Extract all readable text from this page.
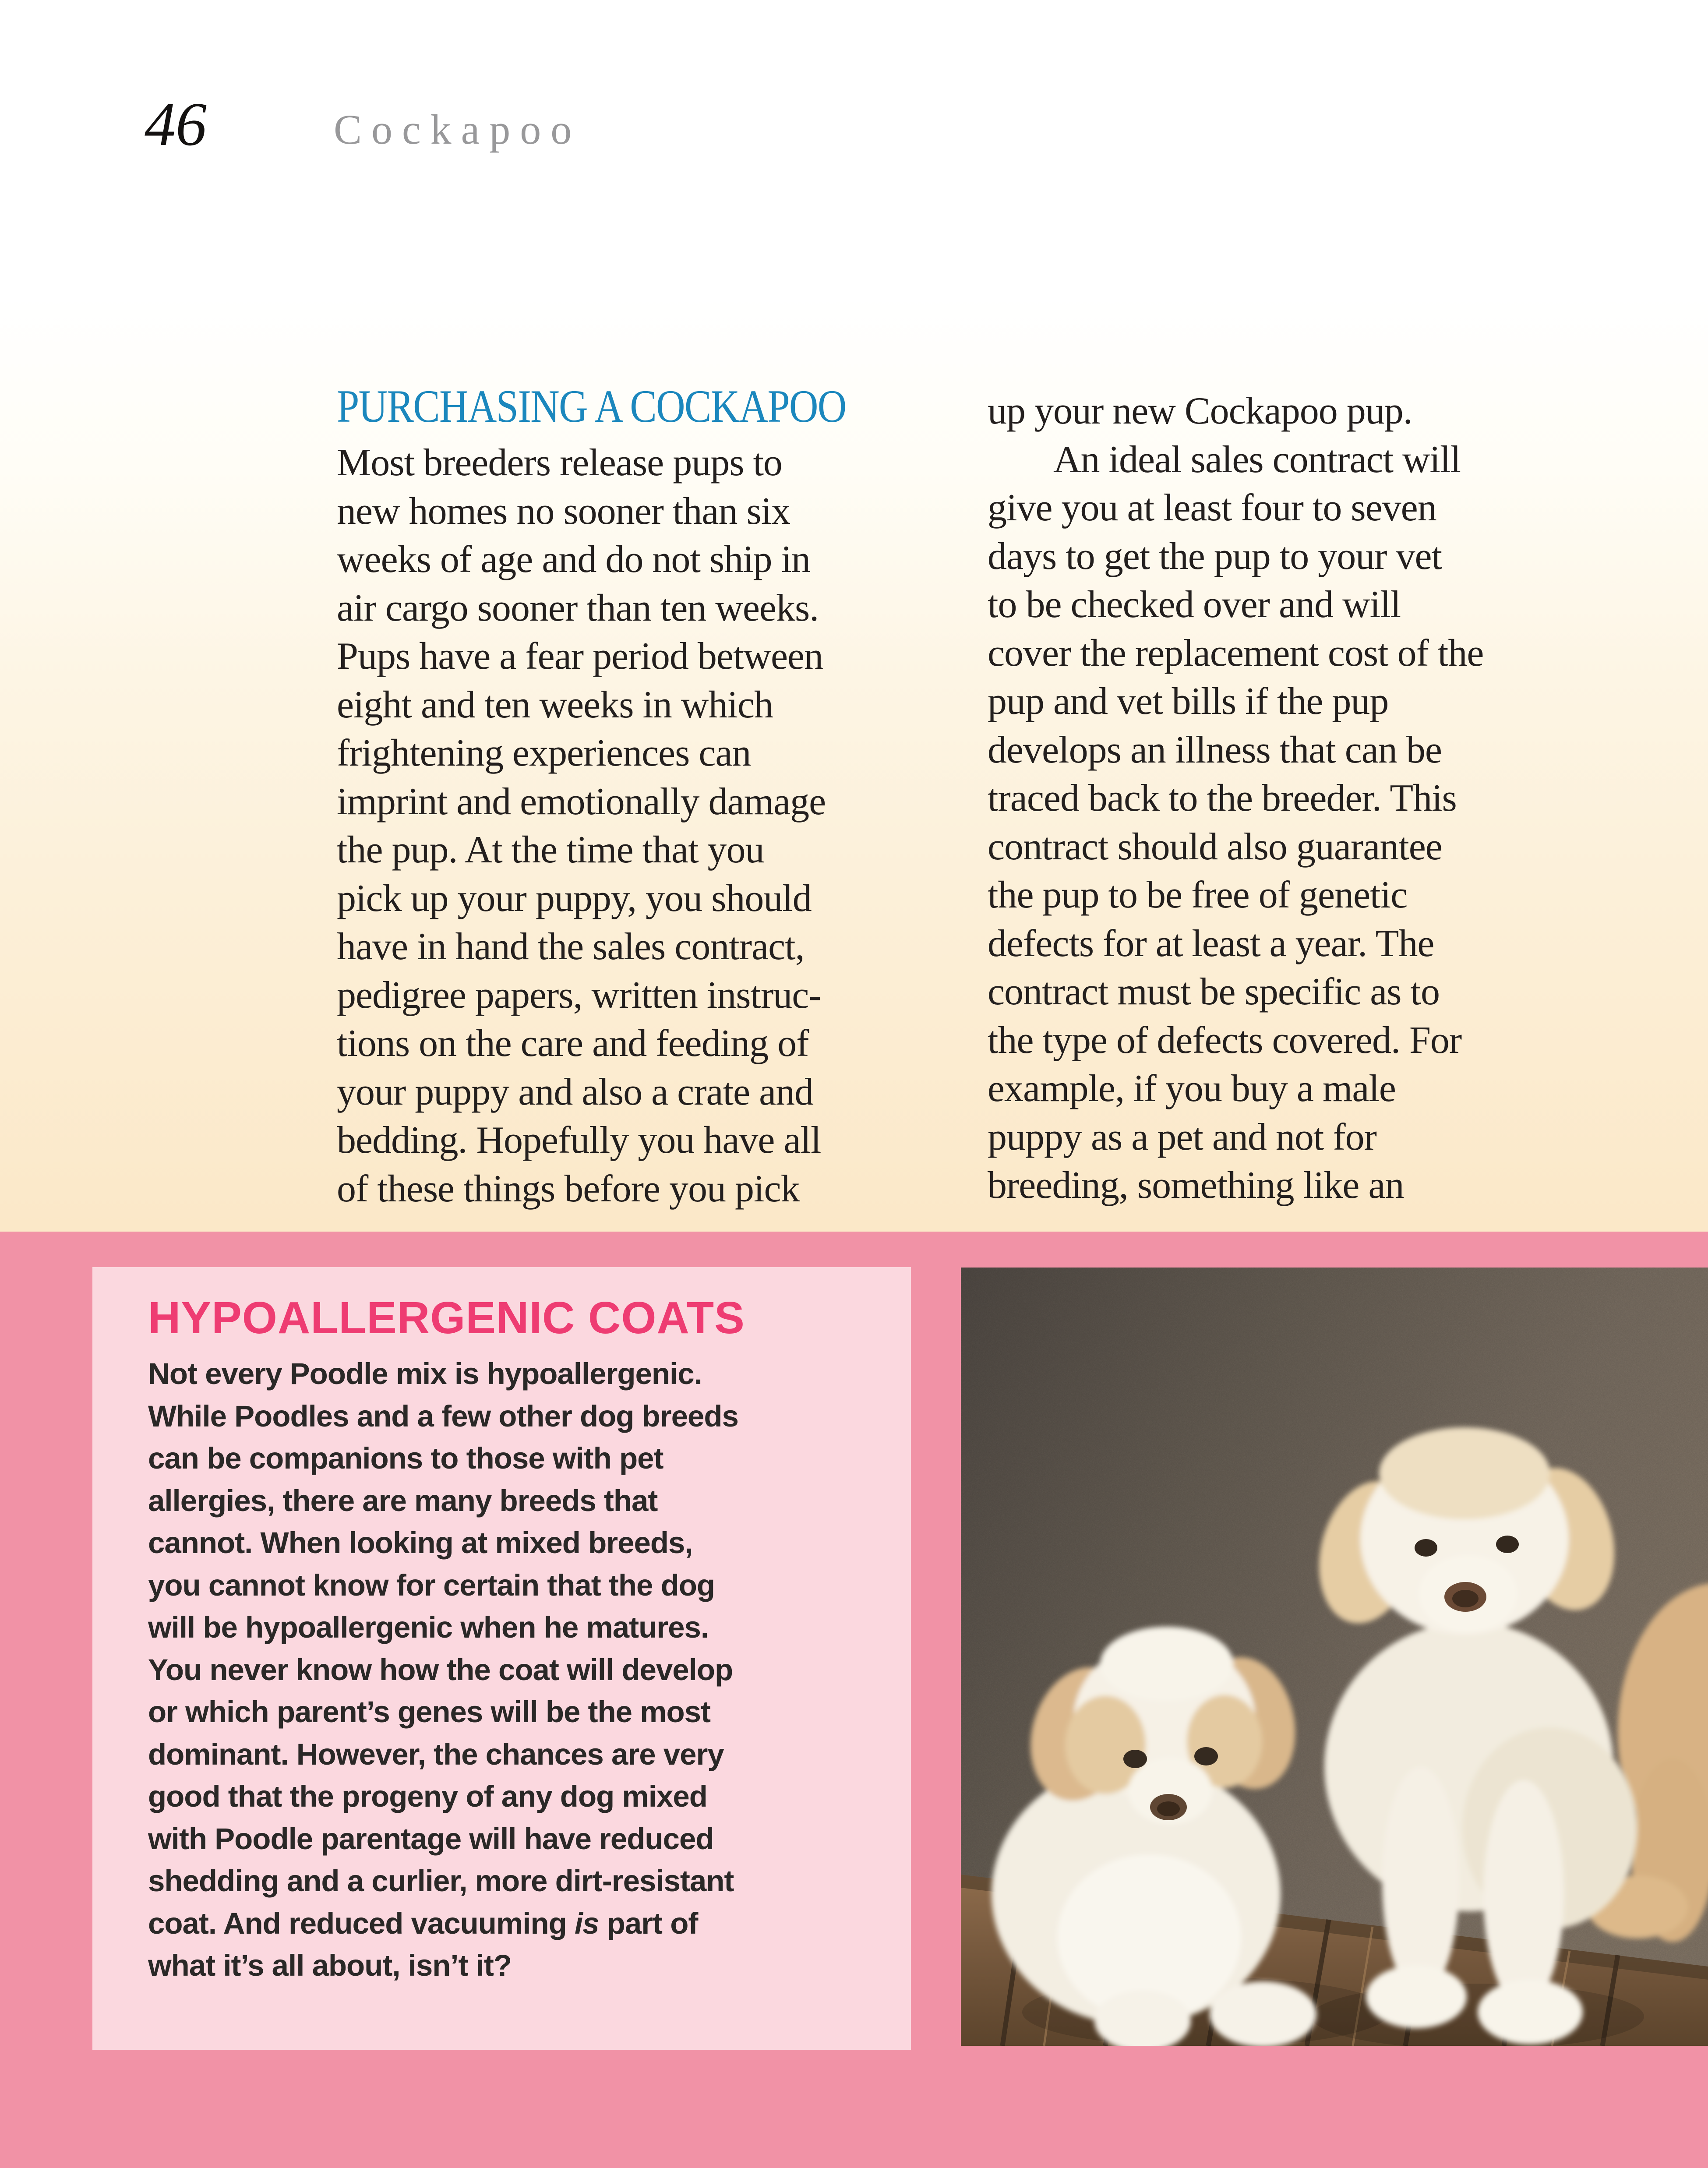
46	Cockapoo
PURCHASING A COCKAPOO
Most breeders release pups to
new homes no sooner than six
weeks of age and do not ship in
air cargo sooner than ten weeks.
Pups have a fear period between
eight and ten weeks in which
frightening experiences can
imprint and emotionally damage
the pup. At the time that you
pick up your puppy, you should
have in hand the sales contract,
pedigree papers, written instruc-
tions on the care and feeding of
your puppy and also a crate and
bedding. Hopefully you have all
of these things before you pick
up your new Cockapoo pup.
An ideal sales contract will
give you at least four to seven
days to get the pup to your vet
to be checked over and will
cover the replacement cost of the
pup and vet bills if the pup
develops an illness that can be
traced back to the breeder. This
contract should also guarantee
the pup to be free of genetic
defects for at least a year. The
contract must be specific as to
the type of defects covered. For
example, if you buy a male
puppy as a pet and not for
breeding, something like an
HYPOALLERGENIC COATS
Not every Poodle mix is hypoallergenic.
While Poodles and a few other dog breeds
can be companions to those with pet
allergies, there are many breeds that
cannot. When looking at mixed breeds,
you cannot know for certain that the dog
will be hypoallergenic when he matures.
You never know how the coat will develop
or which parent’s genes will be the most
dominant. However, the chances are very
good that the progeny of any dog mixed
with Poodle parentage will have reduced
shedding and a curlier, more dirt-resistant
coat. And reduced vacuuming is part of
what it’s all about, isn’t it?
